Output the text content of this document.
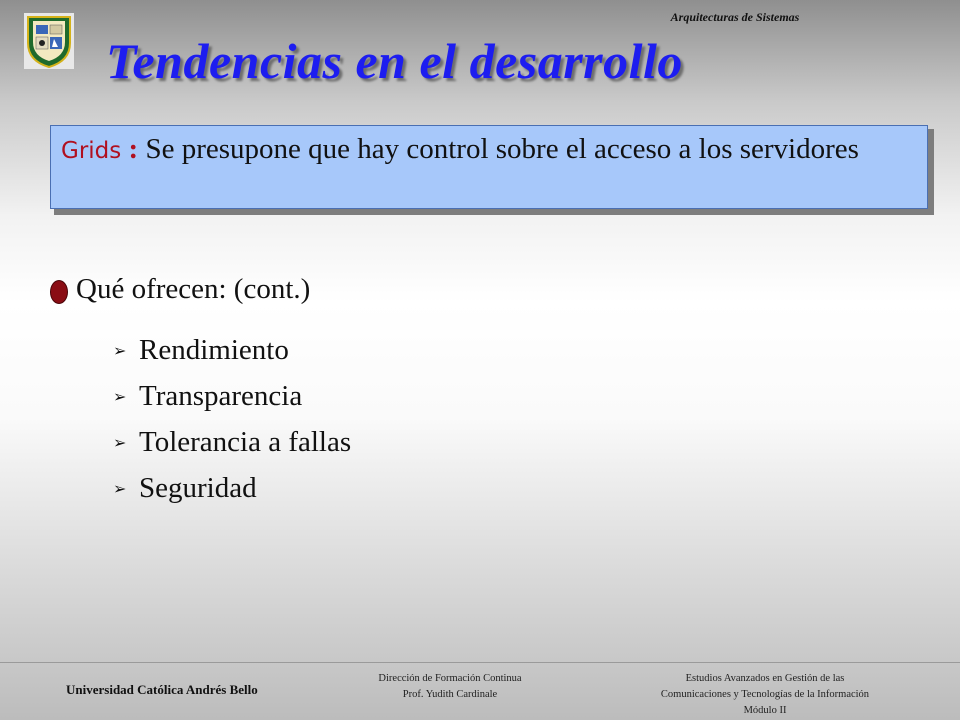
Arquitecturas de Sistemas
Tendencias en el desarrollo
Grids : Se presupone que hay control sobre el acceso a los servidores
Qué ofrecen: (cont.)
➢ Rendimiento
➢ Transparencia
➢ Tolerancia a fallas
➢ Seguridad
Universidad Católica Andrés Bello
Dirección de Formación Continua
Prof. Yudith Cardinale
Estudios Avanzados en Gestión de las
Comunicaciones y Tecnologías de la Información
Módulo II
